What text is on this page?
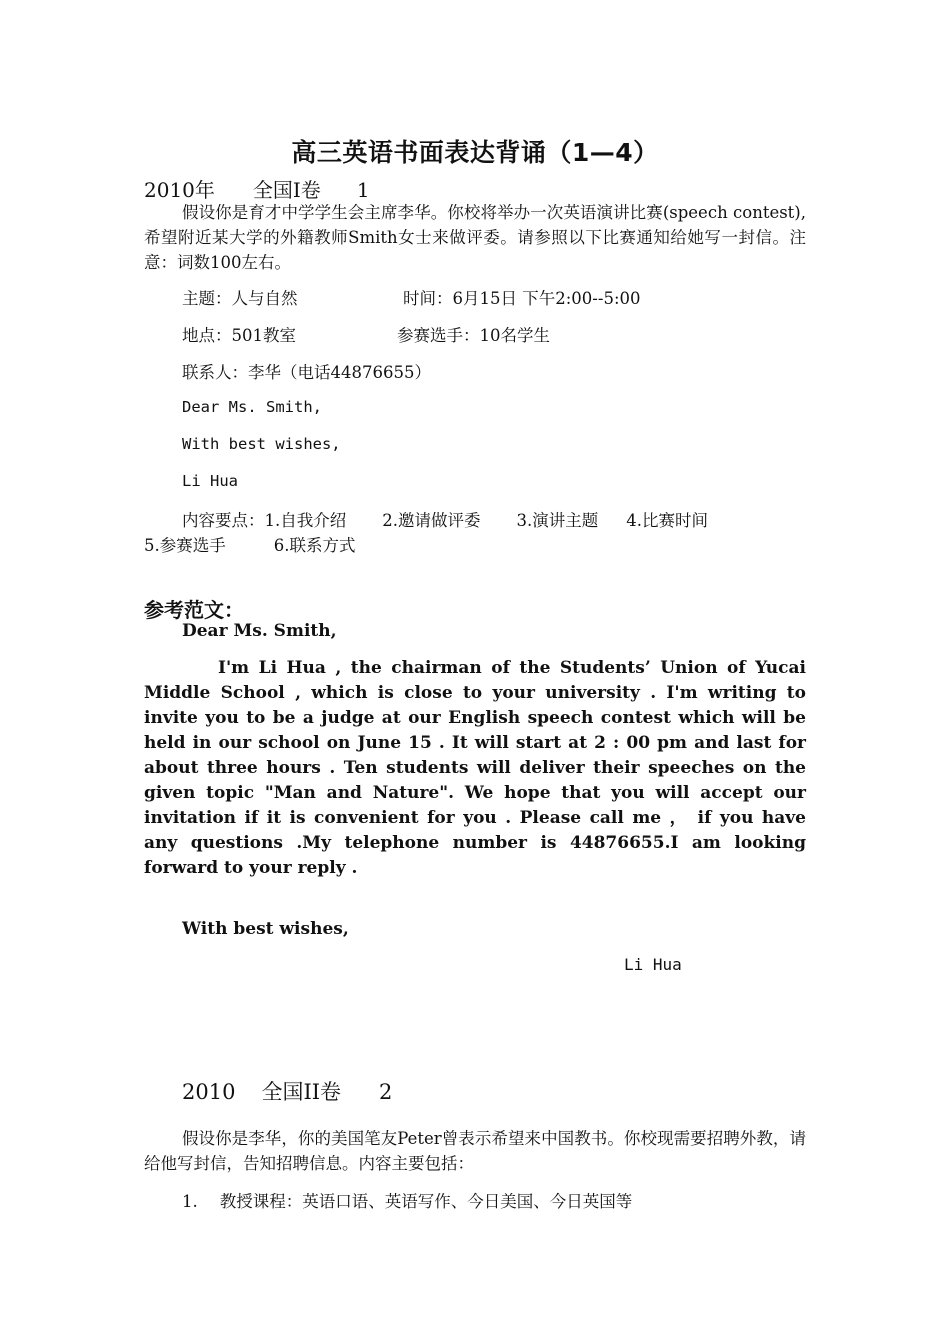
高三英语书面表达背诵（1—4）
2010年 全国I卷 1
假设你是育才中学学生会主席李华。你校将举办一次英语演讲比赛(speech contest),希望附近某大学的外籍教师Smith女士来做评委。请参照以下比赛通知给她写一封信。注意：词数100左右。
主题：人与自然	时间：6月15日 下午2:00--5:00
地点：501教室	参赛选手：10名学生
联系人：李华（电话44876655）
Dear Ms. Smith,
With best wishes,
Li Hua
内容要点：1.自我介绍 2.邀请做评委 3.演讲主题 4.比赛时间
5.参赛选手	6.联系方式
参考范文：
Dear Ms. Smith,
I'm Li Hua , the chairman of the Students’ Union of Yucai Middle School , which is close to your university . I'm writing to invite you to be a judge at our English speech contest which will be held in our school on June 15 . It will start at 2 : 00 pm and last for about three hours . Ten students will deliver their speeches on the given topic "Man and Nature". We hope that you will accept our invitation if it is convenient for you . Please call me ， if you have any questions .My telephone number is 44876655.I am looking forward to your reply .
With best wishes,
Li Hua
2010 全国II卷 2
假设你是李华，你的美国笔友Peter曾表示希望来中国教书。你校现需要招聘外教，请给他写封信，告知招聘信息。内容主要包括：
1. 教授课程：英语口语、英语写作、今日美国、今日英国等
